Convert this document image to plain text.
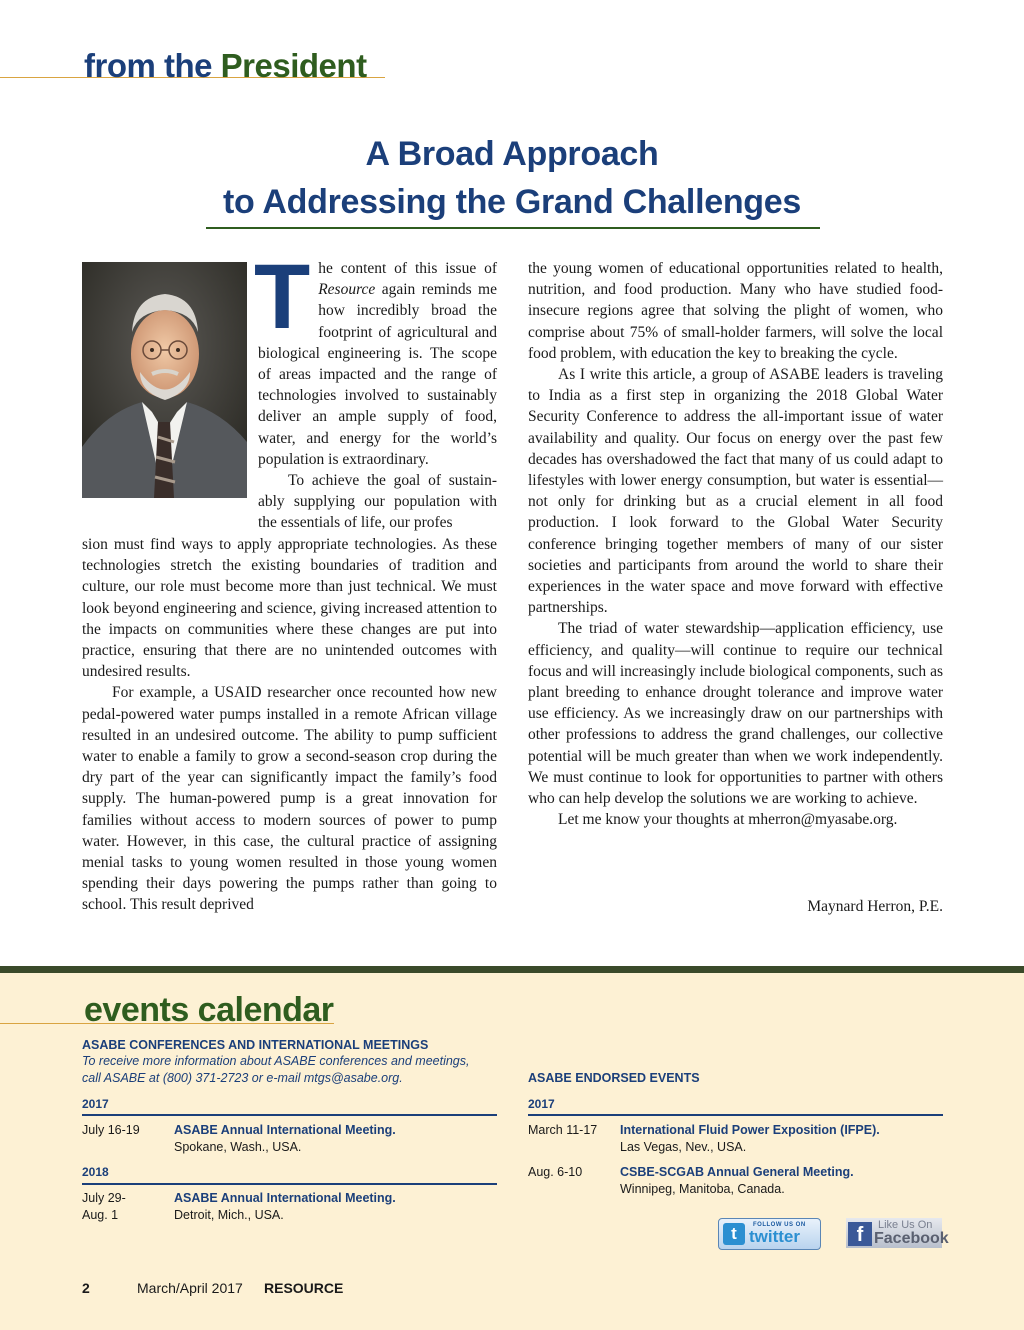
from the President
A Broad Approach
to Addressing the Grand Challenges
T he content of this issue of Resource again reminds me how incredibly broad the footprint of agricultural and biological engineering is. The scope of areas impacted and the range of technologies involved to sustainably deliver an ample supply of food, water, and energy for the world’s population is extraordinary.

To achieve the goal of sustainably supplying our population with the essentials of life, our profes

sion must find ways to apply appropriate technologies. As these technologies stretch the existing boundaries of tradition and culture, our role must become more than just technical. We must look beyond engineering and science, giving increased attention to the impacts on communities where these changes are put into practice, ensuring that there are no unintended outcomes with undesired results.

For example, a USAID researcher once recounted how new pedal-powered water pumps installed in a remote African village resulted in an undesired outcome. The ability to pump sufficient water to enable a family to grow a second-season crop during the dry part of the year can significantly impact the family’s food supply. The human-powered pump is a great innovation for families without access to modern sources of power to pump water. However, in this case, the cultural practice of assigning menial tasks to young women resulted in those young women spending their days powering the pumps rather than going to school. This result deprived

the young women of educational opportunities related to health, nutrition, and food production. Many who have studied food-insecure regions agree that solving the plight of women, who comprise about 75% of small-holder farmers, will solve the local food problem, with education the key to breaking the cycle.

As I write this article, a group of ASABE leaders is traveling to India as a first step in organizing the 2018 Global Water Security Conference to address the all-important issue of water availability and quality. Our focus on energy over the past few decades has overshadowed the fact that many of us could adapt to lifestyles with lower energy consumption, but water is essential—not only for drinking but as a crucial element in all food production. I look forward to the Global Water Security conference bringing together members of many of our sister societies and participants from around the world to share their experiences in the water space and move forward with effective partnerships.

The triad of water stewardship—application efficiency, use efficiency, and quality—will continue to require our technical focus and will increasingly include biological components, such as plant breeding to enhance drought tolerance and improve water use efficiency. As we increasingly draw on our partnerships with other professions to address the grand challenges, our collective potential will be much greater than when we work independently. We must continue to look for opportunities to partner with others who can help develop the solutions we are working to achieve.

Let me know your thoughts at mherron@myasabe.org.

Maynard Herron, P.E.
events calendar
ASABE CONFERENCES AND INTERNATIONAL MEETINGS
To receive more information about ASABE conferences and meetings,
call ASABE at (800) 371-2723 or e-mail mtgs@asabe.org.
2017
July 16-19	ASABE Annual International Meeting.
Spokane, Wash., USA.
2018
July 29-
Aug. 1
ASABE Annual International Meeting.
Detroit, Mich., USA.
ASABE ENDORSED EVENTS
2017
March 11-17 International Fluid Power Exposition (IFPE).
Las Vegas, Nev., USA.
Aug. 6-10	CSBE-SCGAB Annual General Meeting.
Winnipeg, Manitoba, Canada.
t	FOLLOW US ON
twitter	f	Like Us On
Facebook
2	March/April 2017 RESOURCE
